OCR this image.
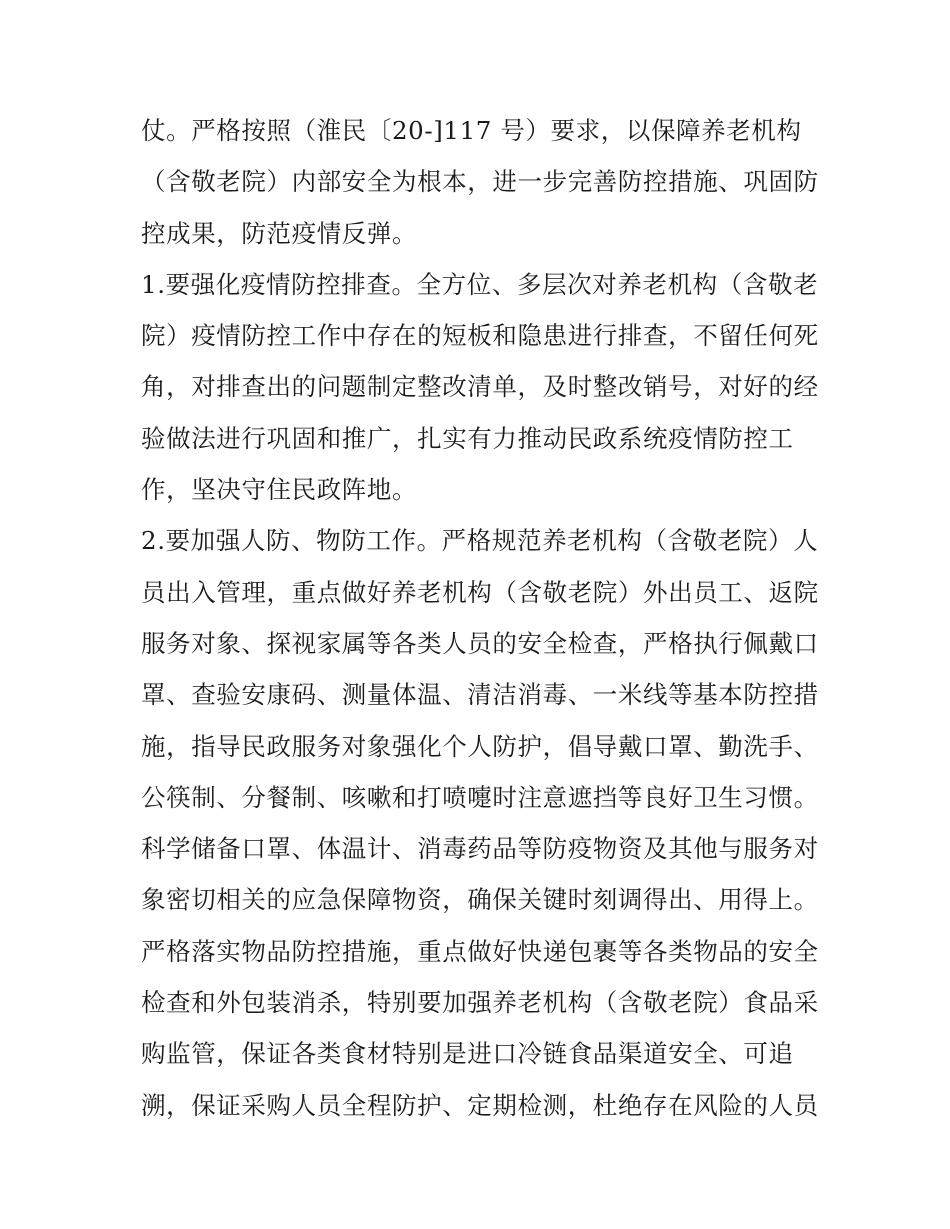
仗。严格按照（淮民〔20-]117 号）要求，以保障养老机构
（含敬老院）内部安全为根本，进一步完善防控措施、巩固防
控成果，防范疫情反弹。
1.要强化疫情防控排查。全方位、多层次对养老机构（含敬老
院）疫情防控工作中存在的短板和隐患进行排查，不留任何死
角，对排查出的问题制定整改清单，及时整改销号，对好的经
验做法进行巩固和推广，扎实有力推动民政系统疫情防控工
作，坚决守住民政阵地。
2.要加强人防、物防工作。严格规范养老机构（含敬老院）人
员出入管理，重点做好养老机构（含敬老院）外出员工、返院
服务对象、探视家属等各类人员的安全检查，严格执行佩戴口
罩、查验安康码、测量体温、清洁消毒、一米线等基本防控措
施，指导民政服务对象强化个人防护，倡导戴口罩、勤洗手、
公筷制、分餐制、咳嗽和打喷嚏时注意遮挡等良好卫生习惯。
科学储备口罩、体温计、消毒药品等防疫物资及其他与服务对
象密切相关的应急保障物资，确保关键时刻调得出、用得上。
严格落实物品防控措施，重点做好快递包裹等各类物品的安全
检查和外包装消杀，特别要加强养老机构（含敬老院）食品采
购监管，保证各类食材特别是进口冷链食品渠道安全、可追
溯，保证采购人员全程防护、定期检测，杜绝存在风险的人员
